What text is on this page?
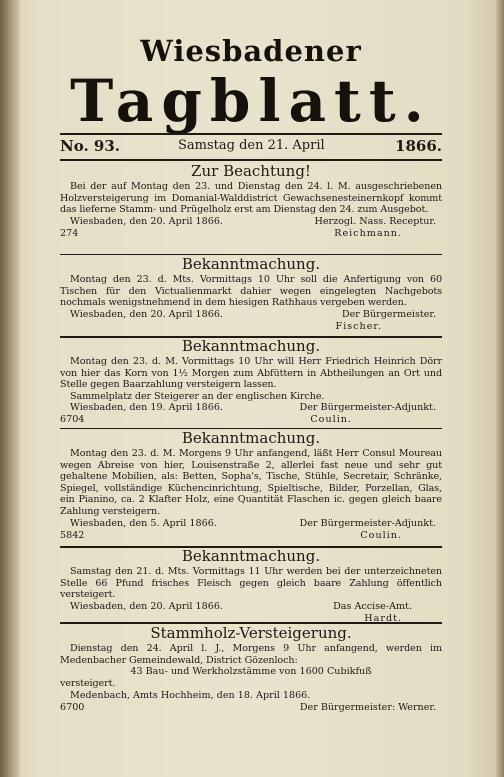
Wiesbadener
Tagblatt.
No. 93.	Samstag den 21. April	1866.
Zur Beachtung!

Bei der auf Montag den 23. und Dienstag den 24. l. M. ausgeschriebenen Holzversteigerung im Domanial-Walddistrict Gewachsenesteinernkopf kommt das lieferne Stamm- und Prügelholz erst am Dienstag den 24. zum Ausgebot.

Wiesbaden, den 20. April 1866.	Herzogl. Nass. Receptur.
274	Reichmann.
Bekanntmachung.

Montag den 23. d. Mts. Vormittags 10 Uhr soll die Anfertigung von 60 Tischen für den Victualienmarkt dahier wegen eingelegten Nachgebots nochmals wenigstnehmend in dem hiesigen Rathhaus vergeben werden.

Wiesbaden, den 20. April 1866.	Der Bürgermeister.
Fischer.
Bekanntmachung.

Montag den 23. d. M. Vormittags 10 Uhr will Herr Friedrich Heinrich Dörr von hier das Korn von 1½ Morgen zum Abfüttern in Abtheilungen an Ort und Stelle gegen Baarzahlung versteigern lassen.

Sammelplatz der Steigerer an der englischen Kirche.

Wiesbaden, den 19. April 1866.	Der Bürgermeister-Adjunkt.
6704	Coulin.
Bekanntmachung.

Montag den 23. d. M. Morgens 9 Uhr anfangend, läßt Herr Consul Moureau wegen Abreise von hier, Louisenstraße 2, allerlei fast neue und sehr gut gehaltene Mobilien, als: Betten, Sopha's, Tische, Stühle, Secretair, Schränke, Spiegel, vollständige Küchencinrichtung, Spieltische, Bilder, Porzellan, Glas, ein Pianino, ca. 2 Klafter Holz, eine Quantität Flaschen ic. gegen gleich baare Zahlung versteigern.

Wiesbaden, den 5. April 1866.	Der Bürgermeister-Adjunkt.
5842	Coulin.
Bekanntmachung.

Samstag den 21. d. Mts. Vormittags 11 Uhr werden bei der unterzeichneten Stelle 66 Pfund frisches Fleisch gegen gleich baare Zahlung öffentlich versteigert.

Wiesbaden, den 20. April 1866.	Das Accise-Amt.
Hardt.
Stammholz-Versteigerung.

Dienstag den 24. April l. J., Morgens 9 Uhr anfangend, werden im Medenbacher Gemeindewald, District Gözenloch:

43 Bau- und Werkholzstämme von 1600 Cubikfuß

versteigert.

Medenbach, Amts Hochheim, den 18. April 1866.
6700	Der Bürgermeister: Werner.
